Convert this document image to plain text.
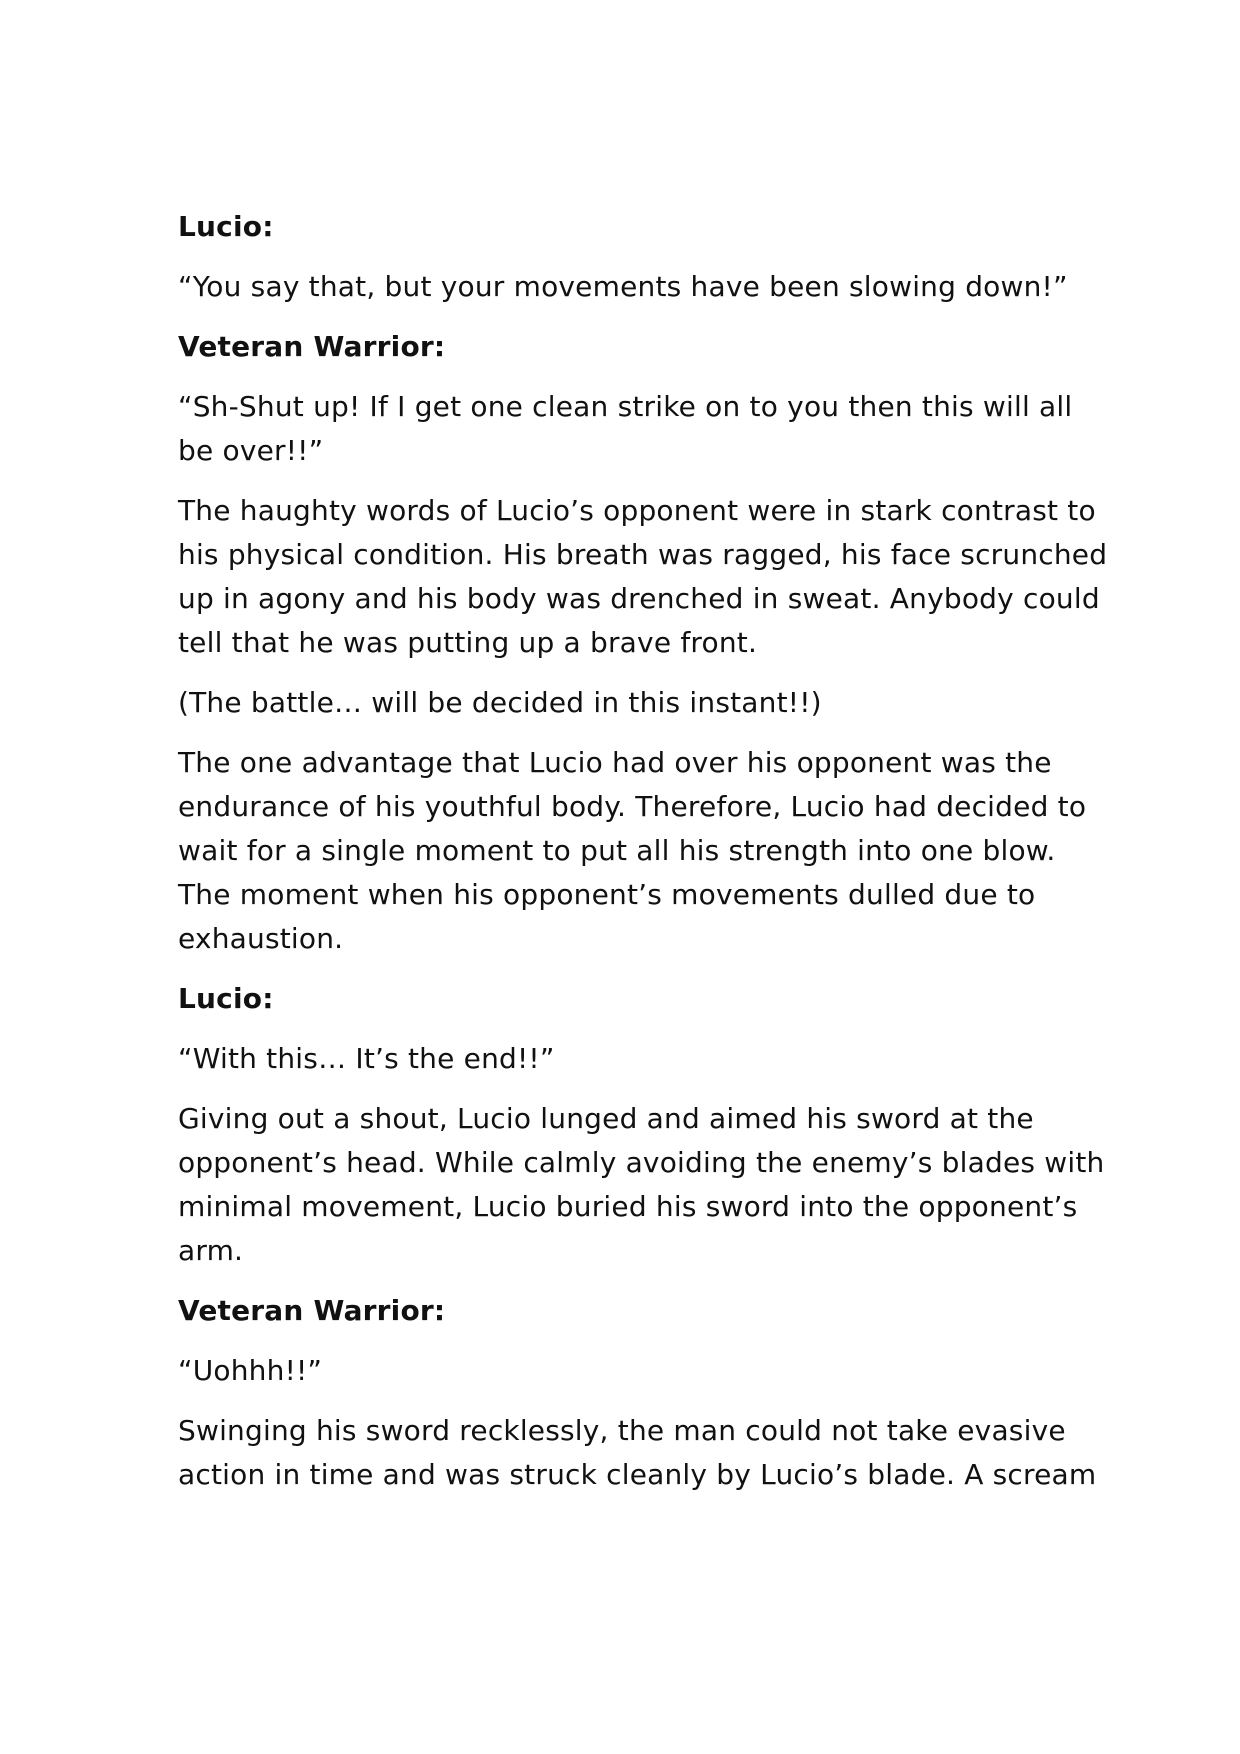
Lucio:
“You say that, but your movements have been slowing down!”
Veteran Warrior:
“Sh-Shut up! If I get one clean strike on to you then this will all
be over!!”
The haughty words of Lucio’s opponent were in stark contrast to
his physical condition. His breath was ragged, his face scrunched
up in agony and his body was drenched in sweat. Anybody could
tell that he was putting up a brave front.
(The battle… will be decided in this instant!!)
The one advantage that Lucio had over his opponent was the
endurance of his youthful body. Therefore, Lucio had decided to
wait for a single moment to put all his strength into one blow.
The moment when his opponent’s movements dulled due to
exhaustion.
Lucio:
“With this… It’s the end!!”
Giving out a shout, Lucio lunged and aimed his sword at the
opponent’s head. While calmly avoiding the enemy’s blades with
minimal movement, Lucio buried his sword into the opponent’s
arm.
Veteran Warrior:
“Uohhh!!”
Swinging his sword recklessly, the man could not take evasive
action in time and was struck cleanly by Lucio’s blade. A scream
